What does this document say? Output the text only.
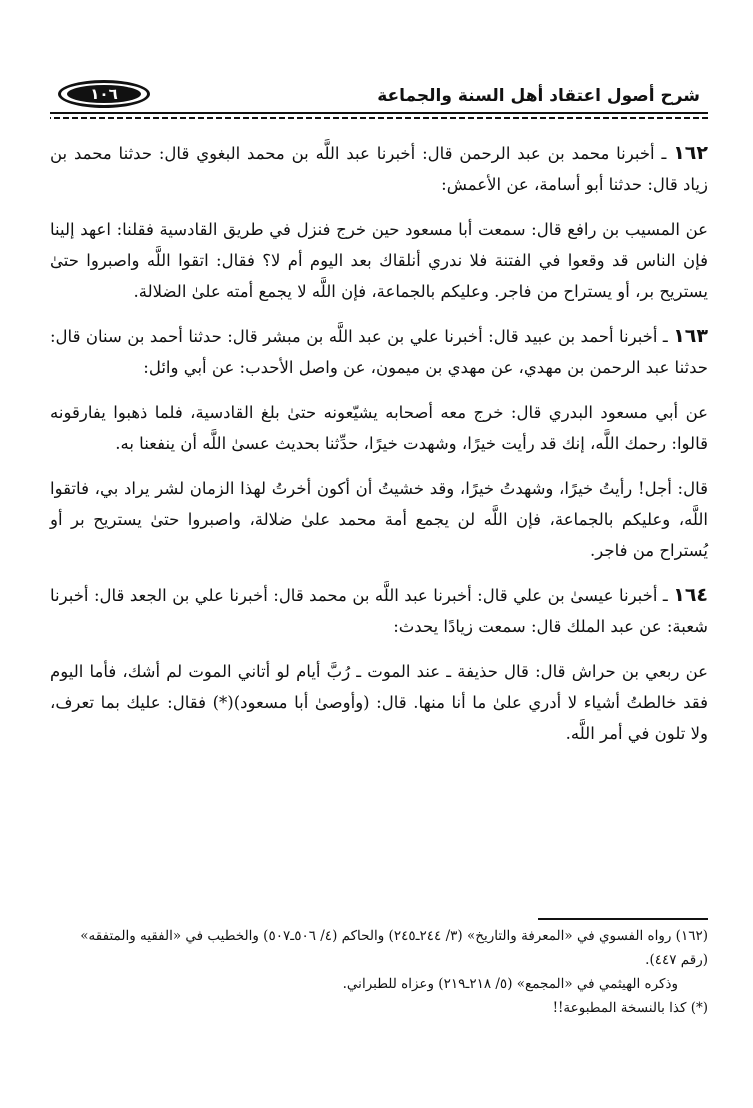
١٠٦	شرح أصول اعتقاد أهل السنة والجماعة

١٦٢ ـ أخبرنا محمد بن عبد الرحمن قال: أخبرنا عبد اللَّه بن محمد البغوي قال: حدثنا محمد بن زياد قال: حدثنا أبو أسامة، عن الأعمش:

عن المسيب بن رافع قال: سمعت أبا مسعود حين خرج فنزل في طريق القادسية فقلنا: اعهد إلينا فإن الناس قد وقعوا في الفتنة فلا ندري أنلقاك بعد اليوم أم لا؟ فقال: اتقوا اللَّه واصبروا حتىٰ يستريح بر، أو يستراح من فاجر. وعليكم بالجماعة، فإن اللَّه لا يجمع أمته علىٰ الضلالة.

١٦٣ ـ أخبرنا أحمد بن عبيد قال: أخبرنا علي بن عبد اللَّه بن مبشر قال: حدثنا أحمد بن سنان قال: حدثنا عبد الرحمن بن مهدي، عن مهدي بن ميمون، عن واصل الأحدب: عن أبي وائل:

عن أبي مسعود البدري قال: خرج معه أصحابه يشيّعونه حتىٰ بلغ القادسية، فلما ذهبوا يفارقونه قالوا: رحمك اللَّه، إنك قد رأيت خيرًا، وشهدت خيرًا، حدِّثنا بحديث عسىٰ اللَّه أن ينفعنا به.

قال: أجل! رأيتُ خيرًا، وشهدتُ خيرًا، وقد خشيتُ أن أكون أخرتُ لهذا الزمان لشر يراد بي، فاتقوا اللَّه، وعليكم بالجماعة، فإن اللَّه لن يجمع أمة محمد علىٰ ضلالة، واصبروا حتىٰ يستريح بر أو يُستراح من فاجر.

١٦٤ ـ أخبرنا عيسىٰ بن علي قال: أخبرنا عبد اللَّه بن محمد قال: أخبرنا علي بن الجعد قال: أخبرنا شعبة: عن عبد الملك قال: سمعت زيادًا يحدث:

عن ربعي بن حراش قال: قال حذيفة ـ عند الموت ـ رُبَّ أيام لو أتاني الموت لم أشك، فأما اليوم فقد خالطتُ أشياء لا أدري علىٰ ما أنا منها. قال: (وأوصىٰ أبا مسعود)(*) فقال: عليك بما تعرف، ولا تلون في أمر اللَّه.

(١٦٢) رواه الفسوي في «المعرفة والتاريخ» (٣/ ٢٤٤ـ٢٤٥) والحاكم (٤/ ٥٠٦ـ٥٠٧) والخطيب في «الفقيه والمتفقه» (رقم ٤٤٧).

وذكره الهيثمي في «المجمع» (٥/ ٢١٨ـ٢١٩) وعزاه للطبراني.

(*) كذا بالنسخة المطبوعة!!
